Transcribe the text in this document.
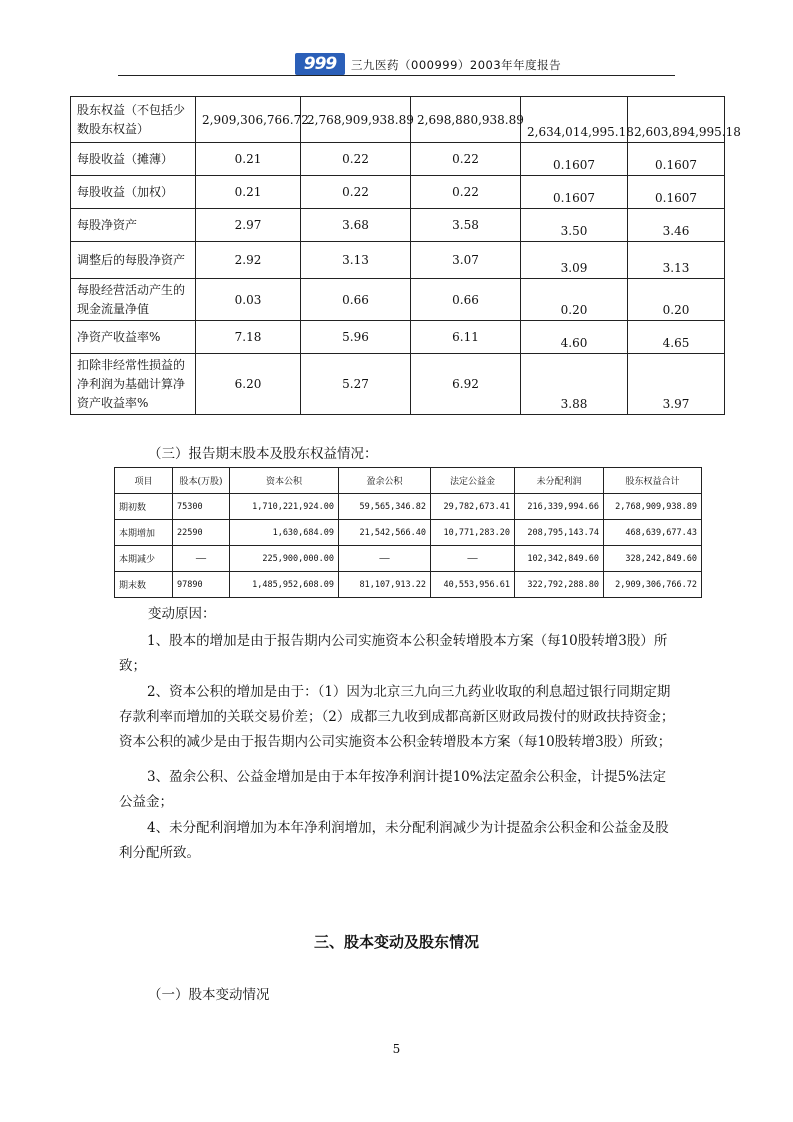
999	三九医药（000999）2003年年度报告
股东权益（不包括少数股东权益）	2,909,306,766.72	2,768,909,938.89	2,698,880,938.89	2,634,014,995.18	2,603,894,995.18
每股收益（摊薄）	0.21	0.22	0.22	0.1607	0.1607
每股收益（加权）	0.21	0.22	0.22	0.1607	0.1607
每股净资产	2.97	3.68	3.58	3.50	3.46
调整后的每股净资产	2.92	3.13	3.07	3.09	3.13
每股经营活动产生的现金流量净值	0.03	0.66	0.66	0.20	0.20
净资产收益率%	7.18	5.96	6.11	4.60	4.65
扣除非经常性损益的净利润为基础计算净资产收益率%	6.20	5.27	6.92	3.88	3.97
（三）报告期末股本及股东权益情况：
项目	股本(万股)	资本公积	盈余公积	法定公益金	未分配利润	股东权益合计
期初数	75300	1,710,221,924.00	59,565,346.82	29,782,673.41	216,339,994.66	2,768,909,938.89
本期增加	22590	1,630,684.09	21,542,566.40	10,771,283.20	208,795,143.74	468,639,677.43
本期减少	——	225,900,000.00	——	——	102,342,849.60	328,242,849.60
期末数	97890	1,485,952,608.09	81,107,913.22	40,553,956.61	322,792,288.80	2,909,306,766.72
变动原因：
1、股本的增加是由于报告期内公司实施资本公积金转增股本方案（每10股转增3股）所致；
2、资本公积的增加是由于：（1）因为北京三九向三九药业收取的利息超过银行同期定期存款利率而增加的关联交易价差；（2）成都三九收到成都高新区财政局拨付的财政扶持资金；资本公积的减少是由于报告期内公司实施资本公积金转增股本方案（每10股转增3股）所致；
3、盈余公积、公益金增加是由于本年按净利润计提10%法定盈余公积金，计提5%法定公益金；
4、未分配利润增加为本年净利润增加，未分配利润减少为计提盈余公积金和公益金及股利分配所致。
三、股本变动及股东情况
（一）股本变动情况
5
